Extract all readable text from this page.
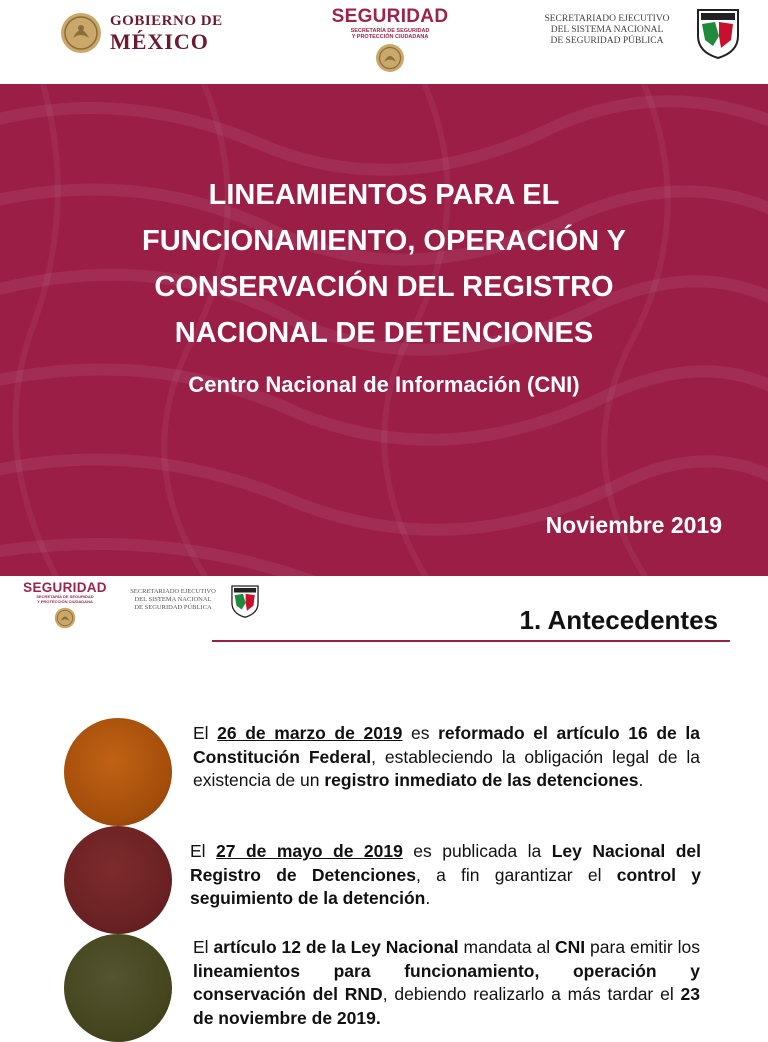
GOBIERNO DE
MÉXICO
SEGURIDAD
SECRETARÍA DE SEGURIDAD
Y PROTECCIÓN CIUDADANA
SECRETARIADO EJECUTIVO
DEL SISTEMA NACIONAL
DE SEGURIDAD PÚBLICA
LINEAMIENTOS PARA EL
FUNCIONAMIENTO, OPERACIÓN Y
CONSERVACIÓN DEL REGISTRO
NACIONAL DE DETENCIONES

Centro Nacional de Información (CNI)

Noviembre 2019
SEGURIDAD
SECRETARÍA DE SEGURIDAD
Y PROTECCIÓN CIUDADANA
SECRETARIADO EJECUTIVO
DEL SISTEMA NACIONAL
DE SEGURIDAD PÚBLICA	1. Antecedentes

El 26 de marzo de 2019 es reformado el artículo 16 de la Constitución Federal, estableciendo la obligación legal de la existencia de un registro inmediato de las detenciones.

El 27 de mayo de 2019 es publicada la Ley Nacional del Registro de Detenciones, a fin garantizar el control y seguimiento de la detención.

El artículo 12 de la Ley Nacional mandata al CNI para emitir los lineamientos para funcionamiento, operación y conservación del RND, debiendo realizarlo a más tardar el 23 de noviembre de 2019.
